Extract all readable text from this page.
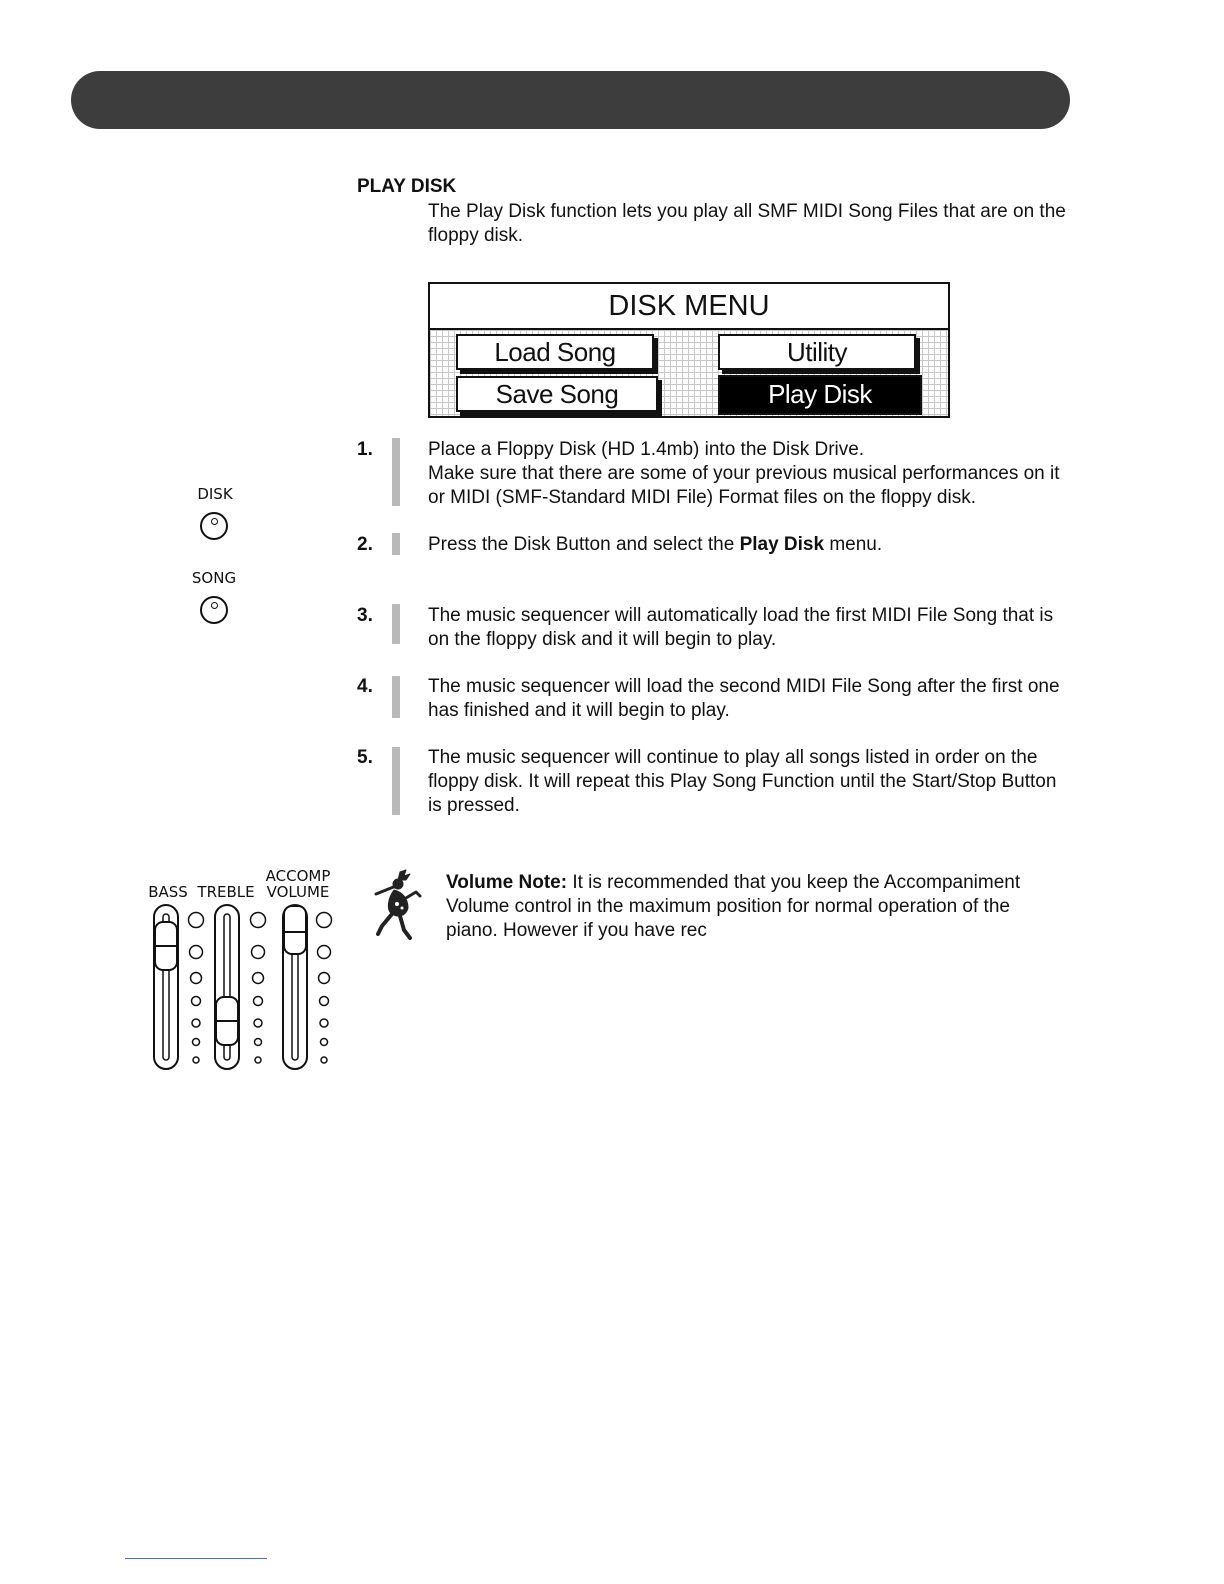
PLAY DISK
The Play Disk function lets you play all SMF MIDI Song Files that are on the floppy disk.
DISK MENU
Load Song	Utility
Save Song	Play Disk
1.	Place a Floppy Disk (HD 1.4mb) into the Disk Drive.
Make sure that there are some of your previous musical performances on it or MIDI (SMF-Standard MIDI File) Format files on the floppy disk.
2.	Press the Disk Button and select the Play Disk menu.
3.	The music sequencer will automatically load the first MIDI File Song that is on the floppy disk and it will begin to play.
4.	The music sequencer will load the second MIDI File Song after the first one has finished and it will begin to play.
5.	The music sequencer will continue to play all songs listed in order on the floppy disk. It will repeat this Play Song Function until the Start/Stop Button is pressed.
DISK
SONG
BASS TREBLE
ACCOMP
VOLUME	Volume Note: It is recommended that you keep the Accompaniment Volume control in the maximum position for normal operation of the piano. However if you have rec
